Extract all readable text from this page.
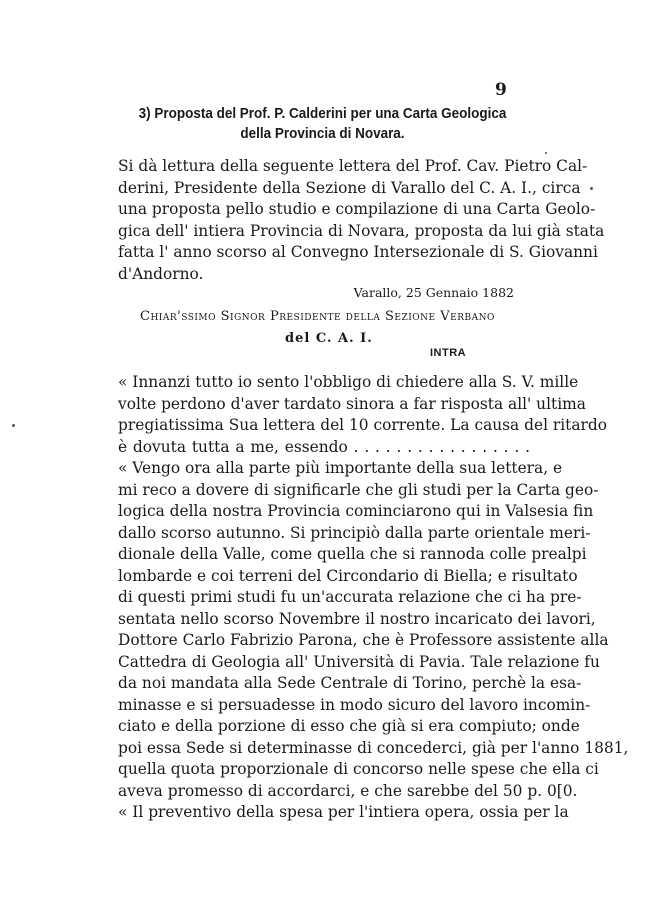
9
3) Proposta del Prof. P. Calderini per una Carta Geologica
della Provincia di Novara.
Si dà lettura della seguente lettera del Prof. Cav. Pietro Cal-
derini, Presidente della Sezione di Varallo del C. A. I., circa
una proposta pello studio e compilazione di una Carta Geolo-
gica dell' intiera Provincia di Novara, proposta da lui già stata
fatta l' anno scorso al Convegno Intersezionale di S. Giovanni
d'Andorno.
Varallo, 25 Gennaio 1882
Chiar'ssimo Signor Presidente della Sezione Verbano
del C. A. I.
INTRA
« Innanzi tutto io sento l'obbligo di chiedere alla S. V. mille
volte perdono d'aver tardato sinora a far risposta all' ultima
pregiatissima Sua lettera del 10 corrente. La causa del ritardo
è dovuta tutta a me, essendo . . . . . . . . . . . . . . . . .
« Vengo ora alla parte più importante della sua lettera, e
mi reco a dovere di significarle che gli studi per la Carta geo-
logica della nostra Provincia cominciarono qui in Valsesia fin
dallo scorso autunno. Si principiò dalla parte orientale meri-
dionale della Valle, come quella che si rannoda colle prealpi
lombarde e coi terreni del Circondario di Biella; e risultato
di questi primi studi fu un'accurata relazione che ci ha pre-
sentata nello scorso Novembre il nostro incaricato dei lavori,
Dottore Carlo Fabrizio Parona, che è Professore assistente alla
Cattedra di Geologia all' Università di Pavia. Tale relazione fu
da noi mandata alla Sede Centrale di Torino, perchè la esa-
minasse e si persuadesse in modo sicuro del lavoro incomin-
ciato e della porzione di esso che già si era compiuto; onde
poi essa Sede si determinasse di concederci, già per l'anno 1881,
quella quota proporzionale di concorso nelle spese che ella ci
aveva promesso di accordarci, e che sarebbe del 50 p. 0[0.
« Il preventivo della spesa per l'intiera opera, ossia per la
